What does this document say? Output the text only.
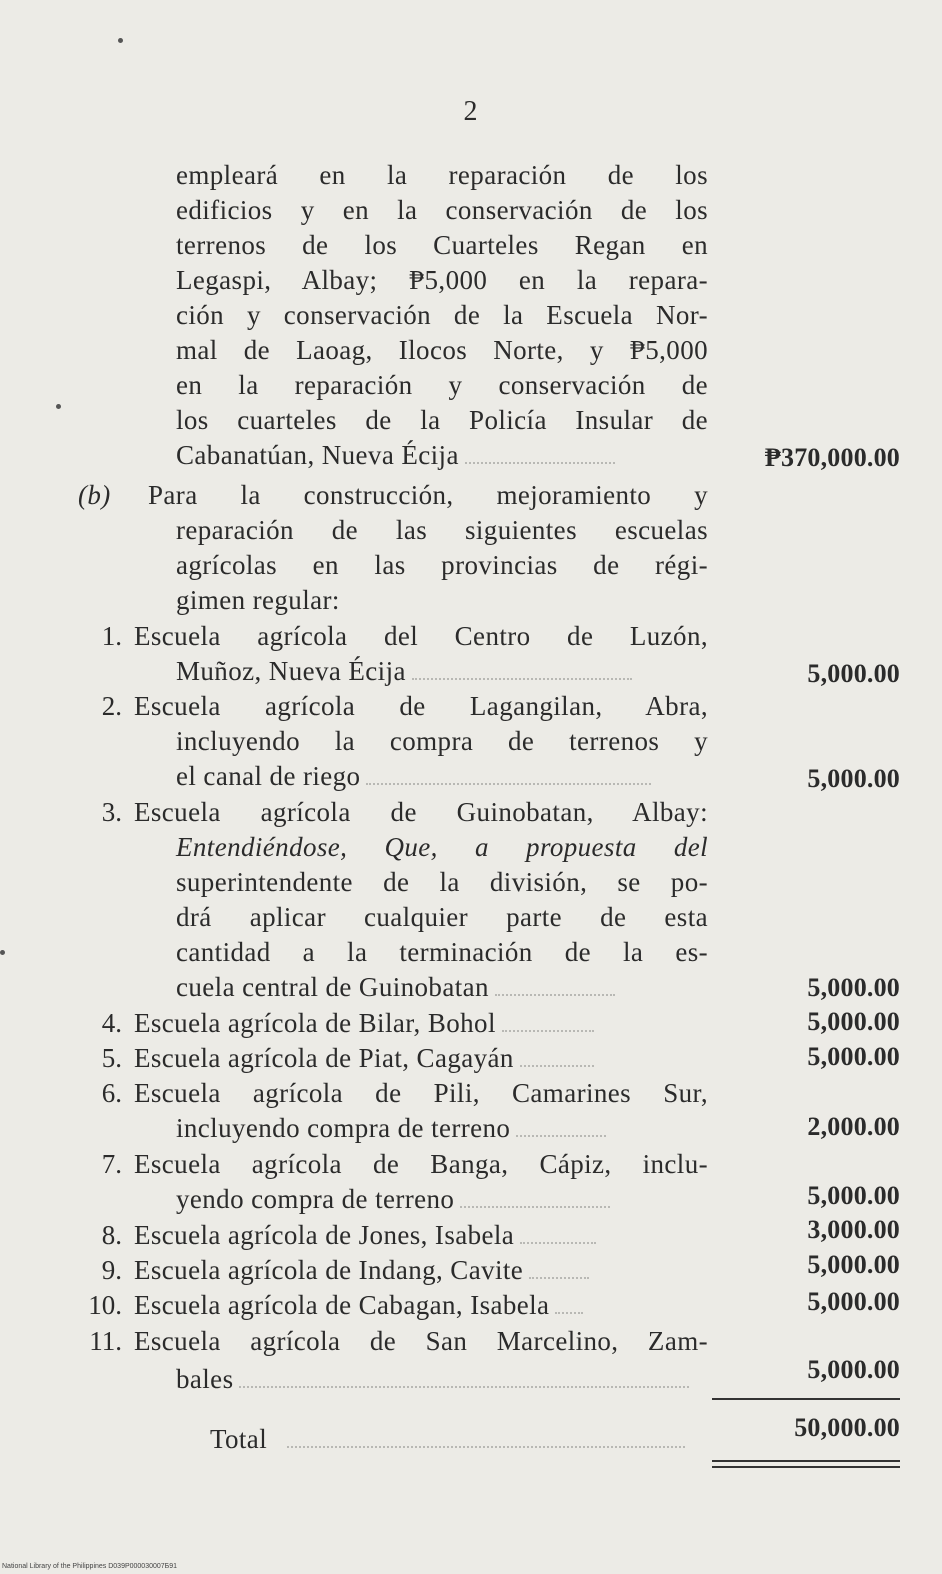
2
empleará en la reparación de los
edificios y en la conservación de los
terrenos de los Cuarteles Regan en
Legaspi, Albay; ₱5,000 en la repara-
ción y conservación de la Escuela Nor-
mal de Laoag, Ilocos Norte, y ₱5,000
en la reparación y conservación de
los cuarteles de la Policía Insular de
Cabanatúan, Nueva Écija	₱370,000.00
(b) Para la construcción, mejoramiento y
reparación de las siguientes escuelas
agrícolas en las provincias de régi-
gimen regular:
1. Escuela agrícola del Centro de Luzón,
Muñoz, Nueva Écija	5,000.00
2. Escuela agrícola de Lagangilan, Abra,
incluyendo la compra de terrenos y
el canal de riego	5,000.00
3. Escuela agrícola de Guinobatan, Albay:
Entendiéndose, Que, a propuesta del
superintendente de la división, se po-
drá aplicar cualquier parte de esta
cantidad a la terminación de la es-
cuela central de Guinobatan	5,000.00
4. Escuela agrícola de Bilar, Bohol	5,000.00
5. Escuela agrícola de Piat, Cagayán	5,000.00
6. Escuela agrícola de Pili, Camarines Sur,
incluyendo compra de terreno	2,000.00
7. Escuela agrícola de Banga, Cápiz, inclu-
yendo compra de terreno	5,000.00
8. Escuela agrícola de Jones, Isabela	3,000.00
9. Escuela agrícola de Indang, Cavite	5,000.00
10. Escuela agrícola de Cabagan, Isabela	5,000.00
11. Escuela agrícola de San Marcelino, Zam-
bales	5,000.00
Total	50,000.00
National Library of the Philippines D039P000030007Б91
